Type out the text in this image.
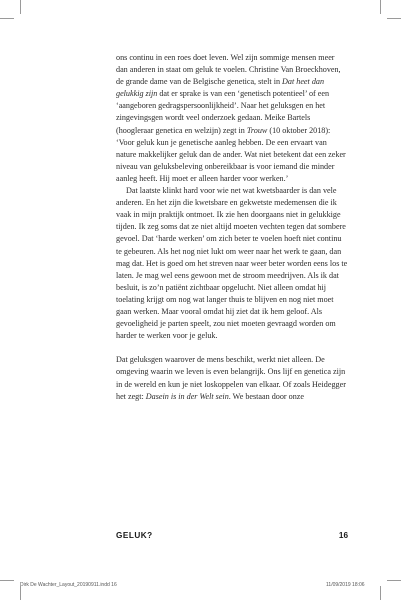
ons continu in een roes doet leven. Wel zijn sommige mensen meer dan anderen in staat om geluk te voelen. Christine Van Broeckhoven, de grande dame van de Belgische genetica, stelt in Dat heet dan gelukkig zijn dat er sprake is van een ‘genetisch potentieel’ of een ‘aangeboren gedragspersoonlijkheid’. Naar het geluksgen en het zingevingsgen wordt veel onderzoek gedaan. Meike Bartels (hoogleraar genetica en welzijn) zegt in Trouw (10 oktober 2018): ‘Voor geluk kun je genetische aanleg hebben. De een ervaart van nature makkelijker geluk dan de ander. Wat niet betekent dat een zeker niveau van geluksbeleving onbereikbaar is voor iemand die minder aanleg heeft. Hij moet er alleen harder voor werken.’

Dat laatste klinkt hard voor wie net wat kwetsbaarder is dan vele anderen. En het zijn die kwetsbare en gekwetste medemensen die ik vaak in mijn praktijk ontmoet. Ik zie hen doorgaans niet in gelukkige tijden. Ik zeg soms dat ze niet altijd moeten vechten tegen dat sombere gevoel. Dat ‘harde werken’ om zich beter te voelen hoeft niet continu te gebeuren. Als het nog niet lukt om weer naar het werk te gaan, dan mag dat. Het is goed om het streven naar weer beter worden eens los te laten. Je mag wel eens gewoon met de stroom meedrijven. Als ik dat besluit, is zo’n patiënt zichtbaar opgelucht. Niet alleen omdat hij toelating krijgt om nog wat langer thuis te blijven en nog niet moet gaan werken. Maar vooral omdat hij ziet dat ik hem geloof. Als gevoeligheid je parten speelt, zou niet moeten gevraagd worden om harder te werken voor je geluk.

Dat geluksgen waarover de mens beschikt, werkt niet alleen. De omgeving waarin we leven is even belangrijk. Ons lijf en genetica zijn in de wereld en kun je niet loskoppelen van elkaar. Of zoals Heidegger het zegt: Dasein is in der Welt sein. We bestaan door onze

GELUK?	16
Dirk De Wachter_Layout_20190911.indd 16	11/09/2019 18:06
